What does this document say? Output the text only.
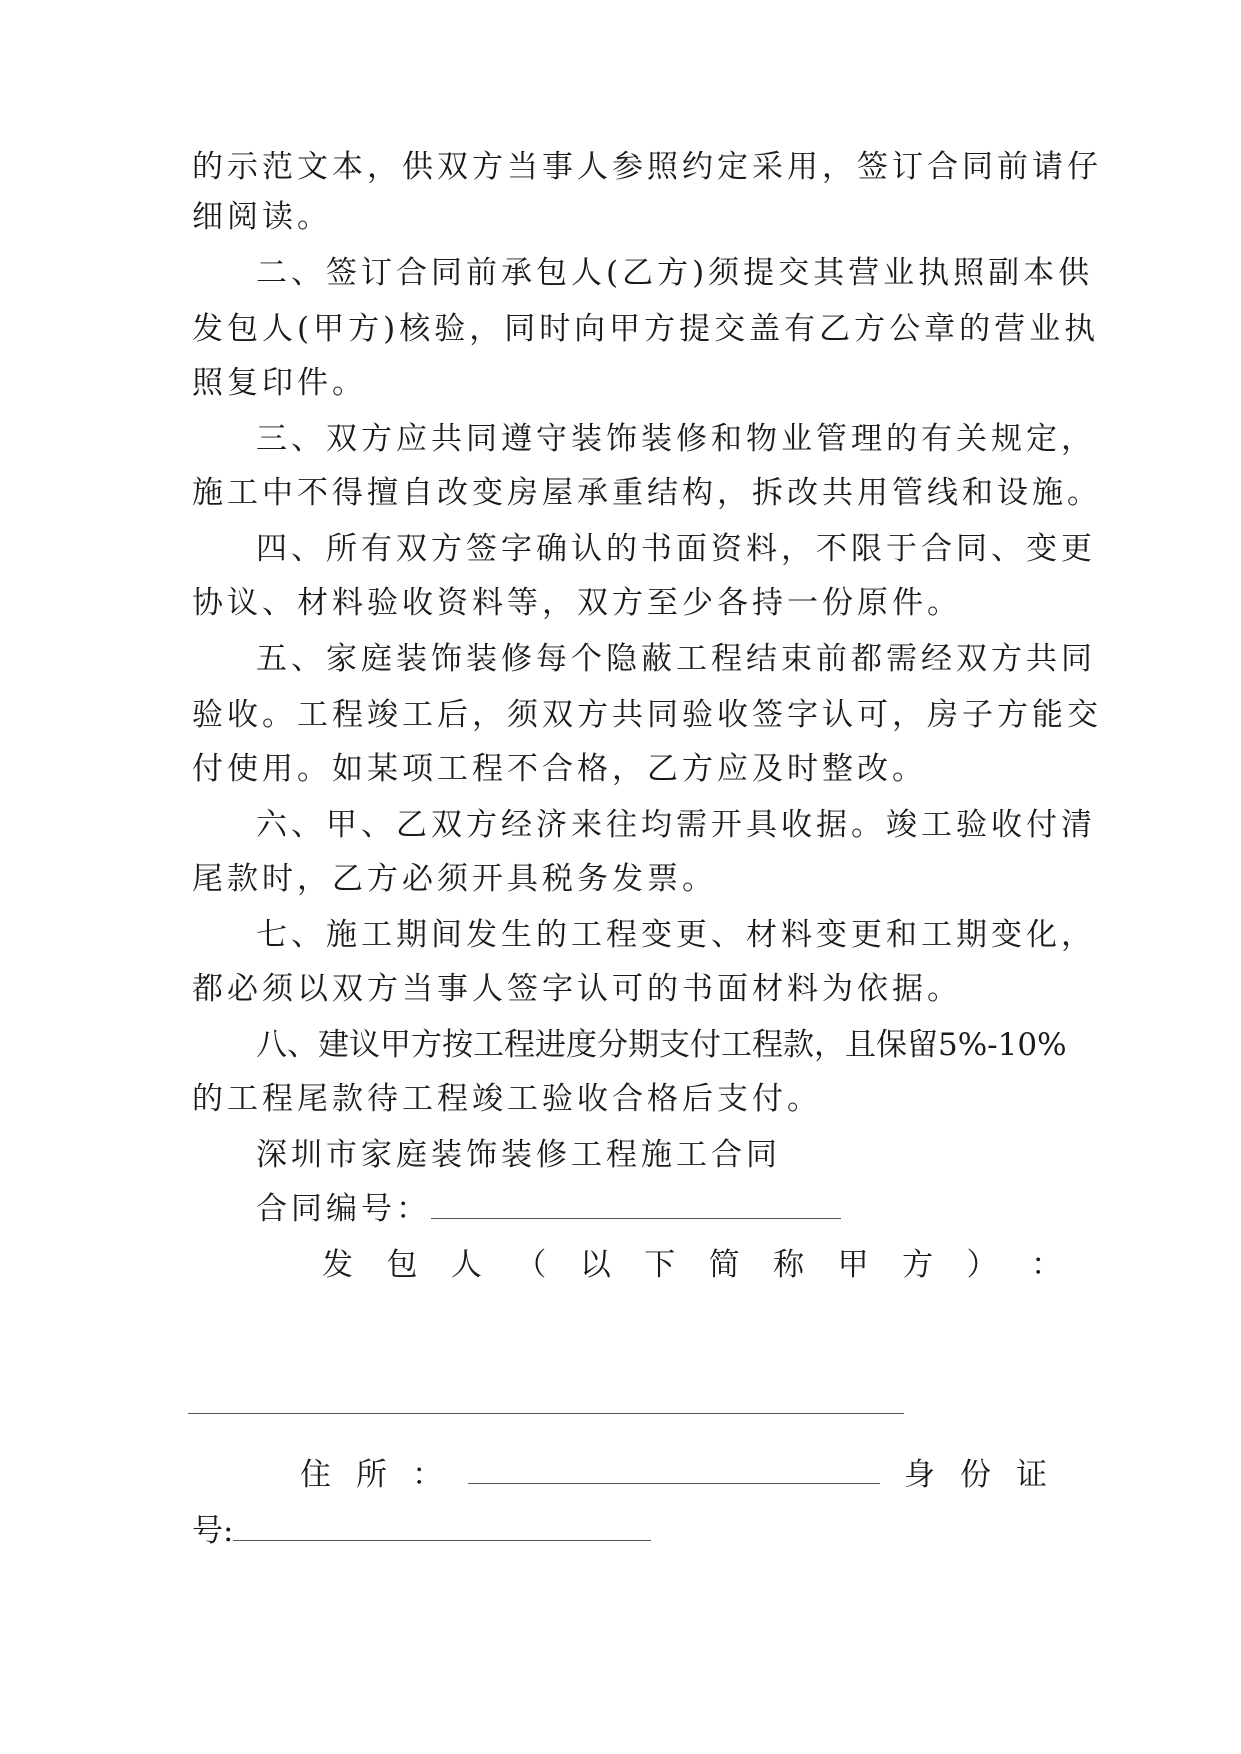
的示范文本，供双方当事人参照约定采用，签订合同前请仔
细阅读。
二、签订合同前承包人(乙方)须提交其营业执照副本供
发包人(甲方)核验，同时向甲方提交盖有乙方公章的营业执
照复印件。
三、双方应共同遵守装饰装修和物业管理的有关规定，
施工中不得擅自改变房屋承重结构，拆改共用管线和设施。
四、所有双方签字确认的书面资料，不限于合同、变更
协议、材料验收资料等，双方至少各持一份原件。
五、家庭装饰装修每个隐蔽工程结束前都需经双方共同
验收。工程竣工后，须双方共同验收签字认可，房子方能交
付使用。如某项工程不合格，乙方应及时整改。
六、甲、乙双方经济来往均需开具收据。竣工验收付清
尾款时，乙方必须开具税务发票。
七、施工期间发生的工程变更、材料变更和工期变化，
都必须以双方当事人签字认可的书面材料为依据。
八、建议甲方按工程进度分期支付工程款，且保留5%-10%
的工程尾款待工程竣工验收合格后支付。
深圳市家庭装饰装修工程施工合同
合同编号：
发 包 人 （ 以 下 简 称 甲 方 ） ：
住 所 ：	身 份 证
号:
